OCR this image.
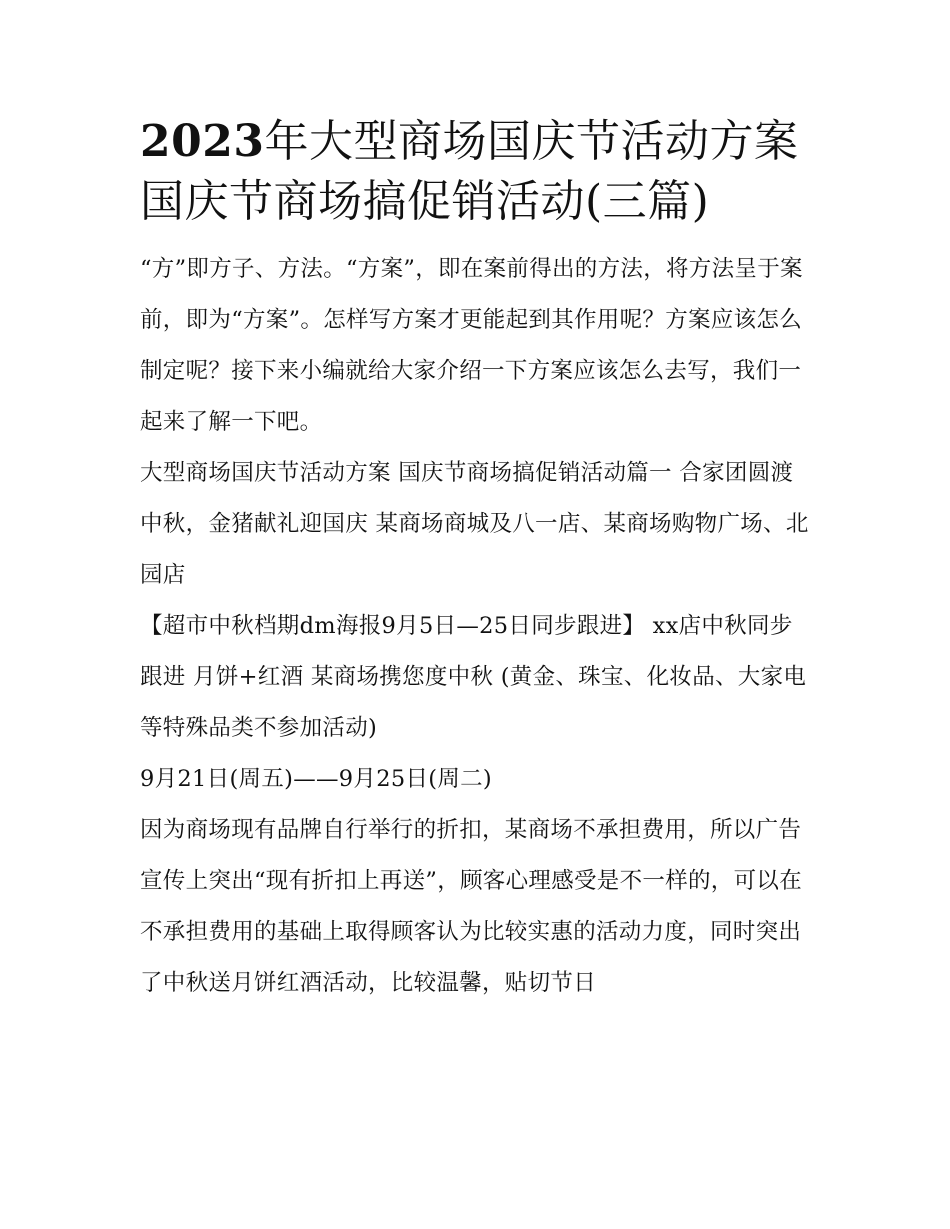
2023年大型商场国庆节活动方案 国庆节商场搞促销活动(三篇)

“方”即方子、方法。“方案”，即在案前得出的方法，将方法呈于案前，即为“方案”。怎样写方案才更能起到其作用呢？方案应该怎么制定呢？接下来小编就给大家介绍一下方案应该怎么去写，我们一起来了解一下吧。

大型商场国庆节活动方案 国庆节商场搞促销活动篇一 合家团圆渡中秋，金猪献礼迎国庆 某商场商城及八一店、某商场购物广场、北园店

【超市中秋档期dm海报9月5日—25日同步跟进】 xx店中秋同步跟进 月饼+红酒 某商场携您度中秋 (黄金、珠宝、化妆品、大家电等特殊品类不参加活动)

9月21日(周五)——9月25日(周二)

因为商场现有品牌自行举行的折扣，某商场不承担费用，所以广告宣传上突出“现有折扣上再送”，顾客心理感受是不一样的，可以在不承担费用的基础上取得顾客认为比较实惠的活动力度，同时突出了中秋送月饼红酒活动，比较温馨，贴切节日
